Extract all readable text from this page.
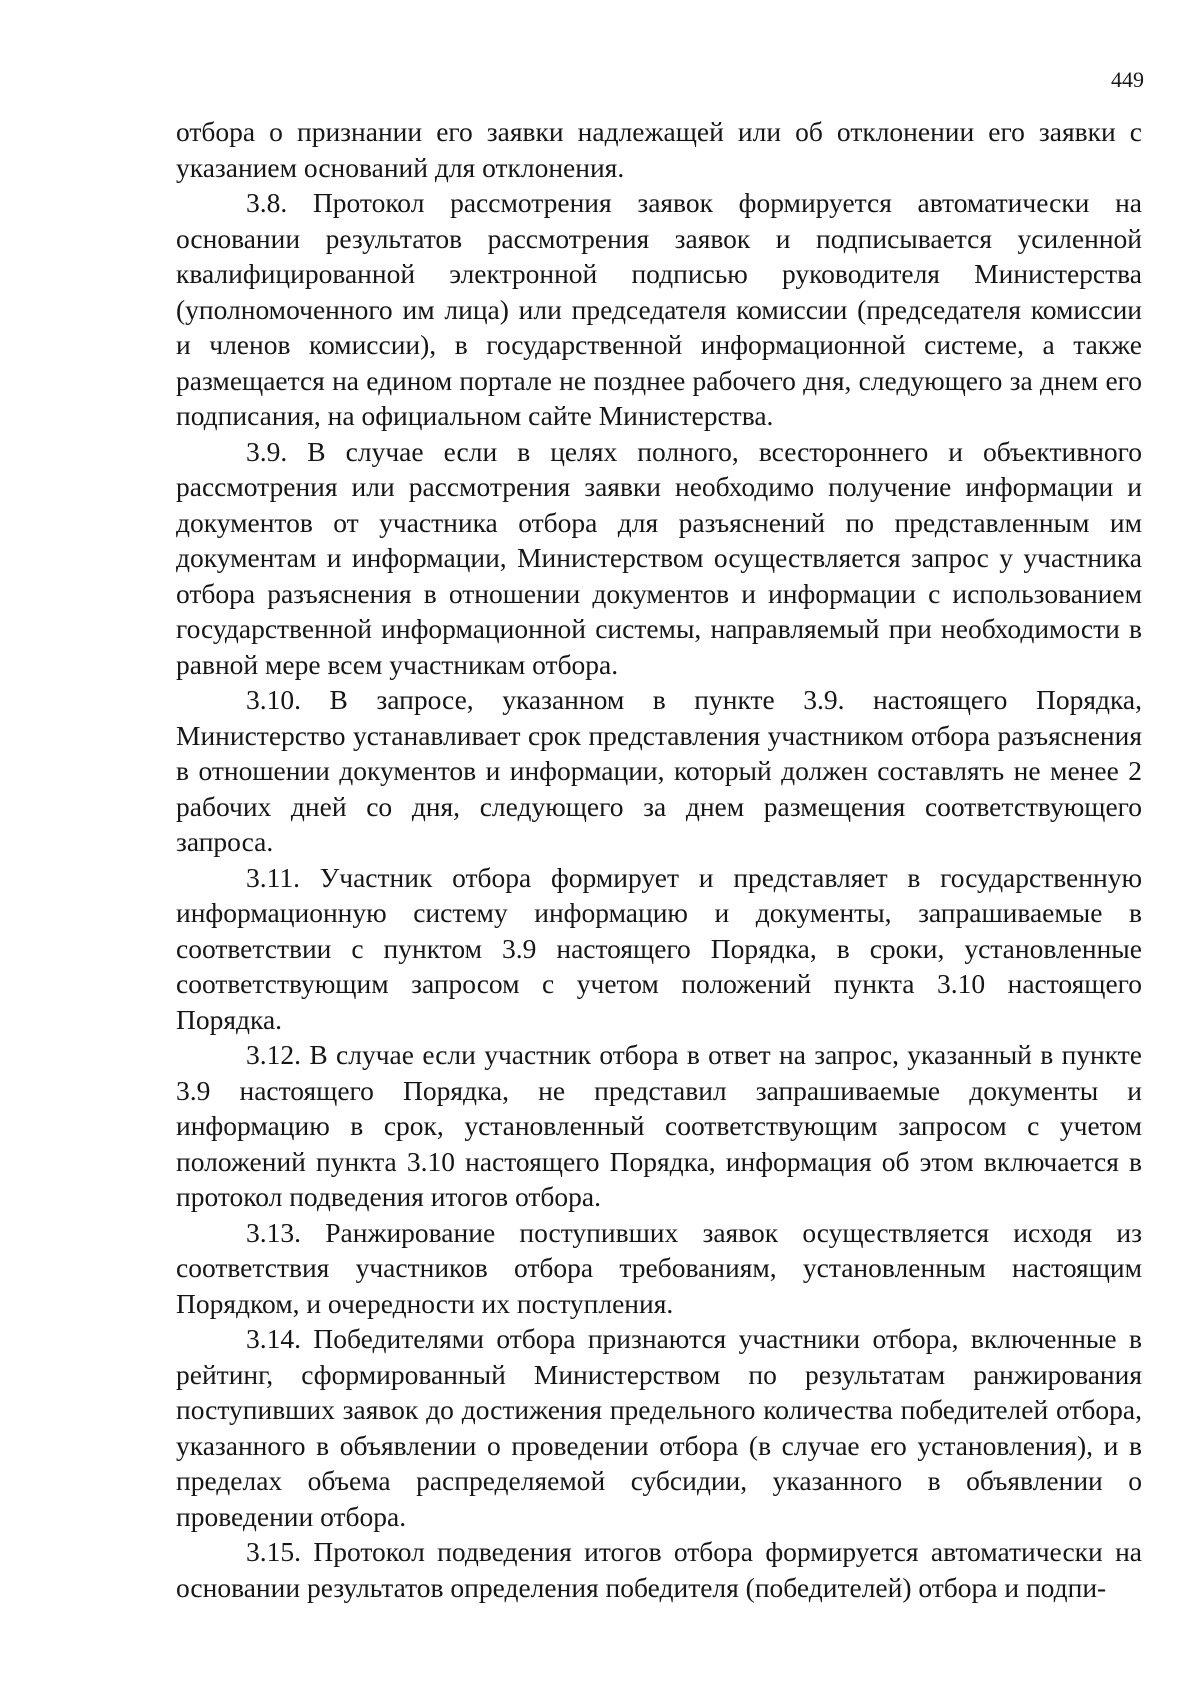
449

отбора о признании его заявки надлежащей или об отклонении его заявки с указанием оснований для отклонения.

3.8. Протокол рассмотрения заявок формируется автоматически на основании результатов рассмотрения заявок и подписывается усиленной квалифицированной электронной подписью руководителя Министерства (уполномоченного им лица) или председателя комиссии (председателя комиссии и членов комиссии), в государственной информационной системе, а также размещается на едином портале не позднее рабочего дня, следующего за днем его подписания, на официальном сайте Министерства.

3.9. В случае если в целях полного, всестороннего и объективного рассмотрения или рассмотрения заявки необходимо получение информации и документов от участника отбора для разъяснений по представленным им документам и информации, Министерством осуществляется запрос у участника отбора разъяснения в отношении документов и информации с использованием государственной информационной системы, направляемый при необходимости в равной мере всем участникам отбора.

3.10. В запросе, указанном в пункте 3.9. настоящего Порядка, Министерство устанавливает срок представления участником отбора разъяснения в отношении документов и информации, который должен составлять не менее 2 рабочих дней со дня, следующего за днем размещения соответствующего запроса.

3.11. Участник отбора формирует и представляет в государственную информационную систему информацию и документы, запрашиваемые в соответствии с пунктом 3.9 настоящего Порядка, в сроки, установленные соответствующим запросом с учетом положений пункта 3.10 настоящего Порядка.

3.12. В случае если участник отбора в ответ на запрос, указанный в пункте 3.9 настоящего Порядка, не представил запрашиваемые документы и информацию в срок, установленный соответствующим запросом с учетом положений пункта 3.10 настоящего Порядка, информация об этом включается в протокол подведения итогов отбора.

3.13. Ранжирование поступивших заявок осуществляется исходя из соответствия участников отбора требованиям, установленным настоящим Порядком, и очередности их поступления.

3.14. Победителями отбора признаются участники отбора, включенные в рейтинг, сформированный Министерством по результатам ранжирования поступивших заявок до достижения предельного количества победителей отбора, указанного в объявлении о проведении отбора (в случае его установления), и в пределах объема распределяемой субсидии, указанного в объявлении о проведении отбора.

3.15. Протокол подведения итогов отбора формируется автоматически на основании результатов определения победителя (победителей) отбора и подпи-
